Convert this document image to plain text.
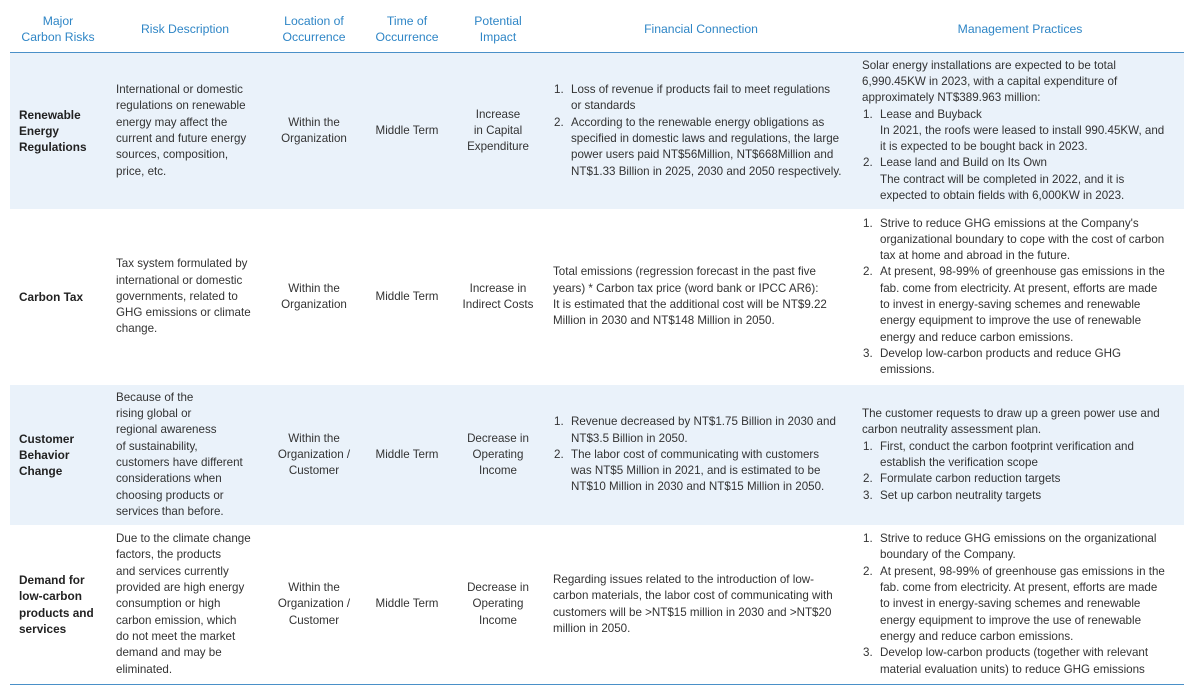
Major
Carbon Risks
Risk Description
Location of
Occurrence
Time of
Occurrence
Potential
Impact
Financial Connection	Management Practices
Renewable
Energy
Regulations
International or domestic
regulations on renewable
energy may affect the
current and future energy
sources, composition,
price, etc.
Within the
Organization
Middle Term
Increase
in Capital
Expenditure
1. Loss of revenue if products fail to meet regulations
or standards
2. According to the renewable energy obligations as
specified in domestic laws and regulations, the large
power users paid NT$56Million, NT$668Million and
NT$1.33 Billion in 2025, 2030 and 2050 respectively.
Solar energy installations are expected to be total
6,990.45KW in 2023, with a capital expenditure of
approximately NT$389.963 million:
1. Lease and Buyback
In 2021, the roofs were leased to install 990.45KW, and
it is expected to be bought back in 2023.
2. Lease land and Build on Its Own
The contract will be completed in 2022, and it is
expected to obtain fields with 6,000KW in 2023.
Carbon Tax
Tax system formulated by
international or domestic
governments, related to
GHG emissions or climate
change.
Within the
Organization
Middle Term
Increase in
Indirect Costs
Total emissions (regression forecast in the past five
years) * Carbon tax price (word bank or IPCC AR6):
It is estimated that the additional cost will be NT$9.22
Million in 2030 and NT$148 Million in 2050.
1. Strive to reduce GHG emissions at the Company's
organizational boundary to cope with the cost of carbon
tax at home and abroad in the future.
2. At present, 98-99% of greenhouse gas emissions in the
fab. come from electricity. At present, efforts are made
to invest in energy-saving schemes and renewable
energy equipment to improve the use of renewable
energy and reduce carbon emissions.
3. Develop low-carbon products and reduce GHG
emissions.
Customer
Behavior
Change
Because of the
rising global or
regional awareness
of sustainability,
customers have different
considerations when
choosing products or
services than before.
Within the
Organization /
Customer
Middle Term
Decrease in
Operating
Income
1. Revenue decreased by NT$1.75 Billion in 2030 and
NT$3.5 Billion in 2050.
2. The labor cost of communicating with customers
was NT$5 Million in 2021, and is estimated to be
NT$10 Million in 2030 and NT$15 Million in 2050.
The customer requests to draw up a green power use and
carbon neutrality assessment plan.
1. First, conduct the carbon footprint verification and
establish the verification scope
2. Formulate carbon reduction targets
3. Set up carbon neutrality targets
Demand for
low-carbon
products and
services
Due to the climate change
factors, the products
and services currently
provided are high energy
consumption or high
carbon emission, which
do not meet the market
demand and may be
eliminated.
Within the
Organization /
Customer
Middle Term
Decrease in
Operating
Income
Regarding issues related to the introduction of low-
carbon materials, the labor cost of communicating with
customers will be >NT$15 million in 2030 and >NT$20
million in 2050.
1. Strive to reduce GHG emissions on the organizational
boundary of the Company.
2. At present, 98-99% of greenhouse gas emissions in the
fab. come from electricity. At present, efforts are made
to invest in energy-saving schemes and renewable
energy equipment to improve the use of renewable
energy and reduce carbon emissions.
3. Develop low-carbon products (together with relevant
material evaluation units) to reduce GHG emissions
